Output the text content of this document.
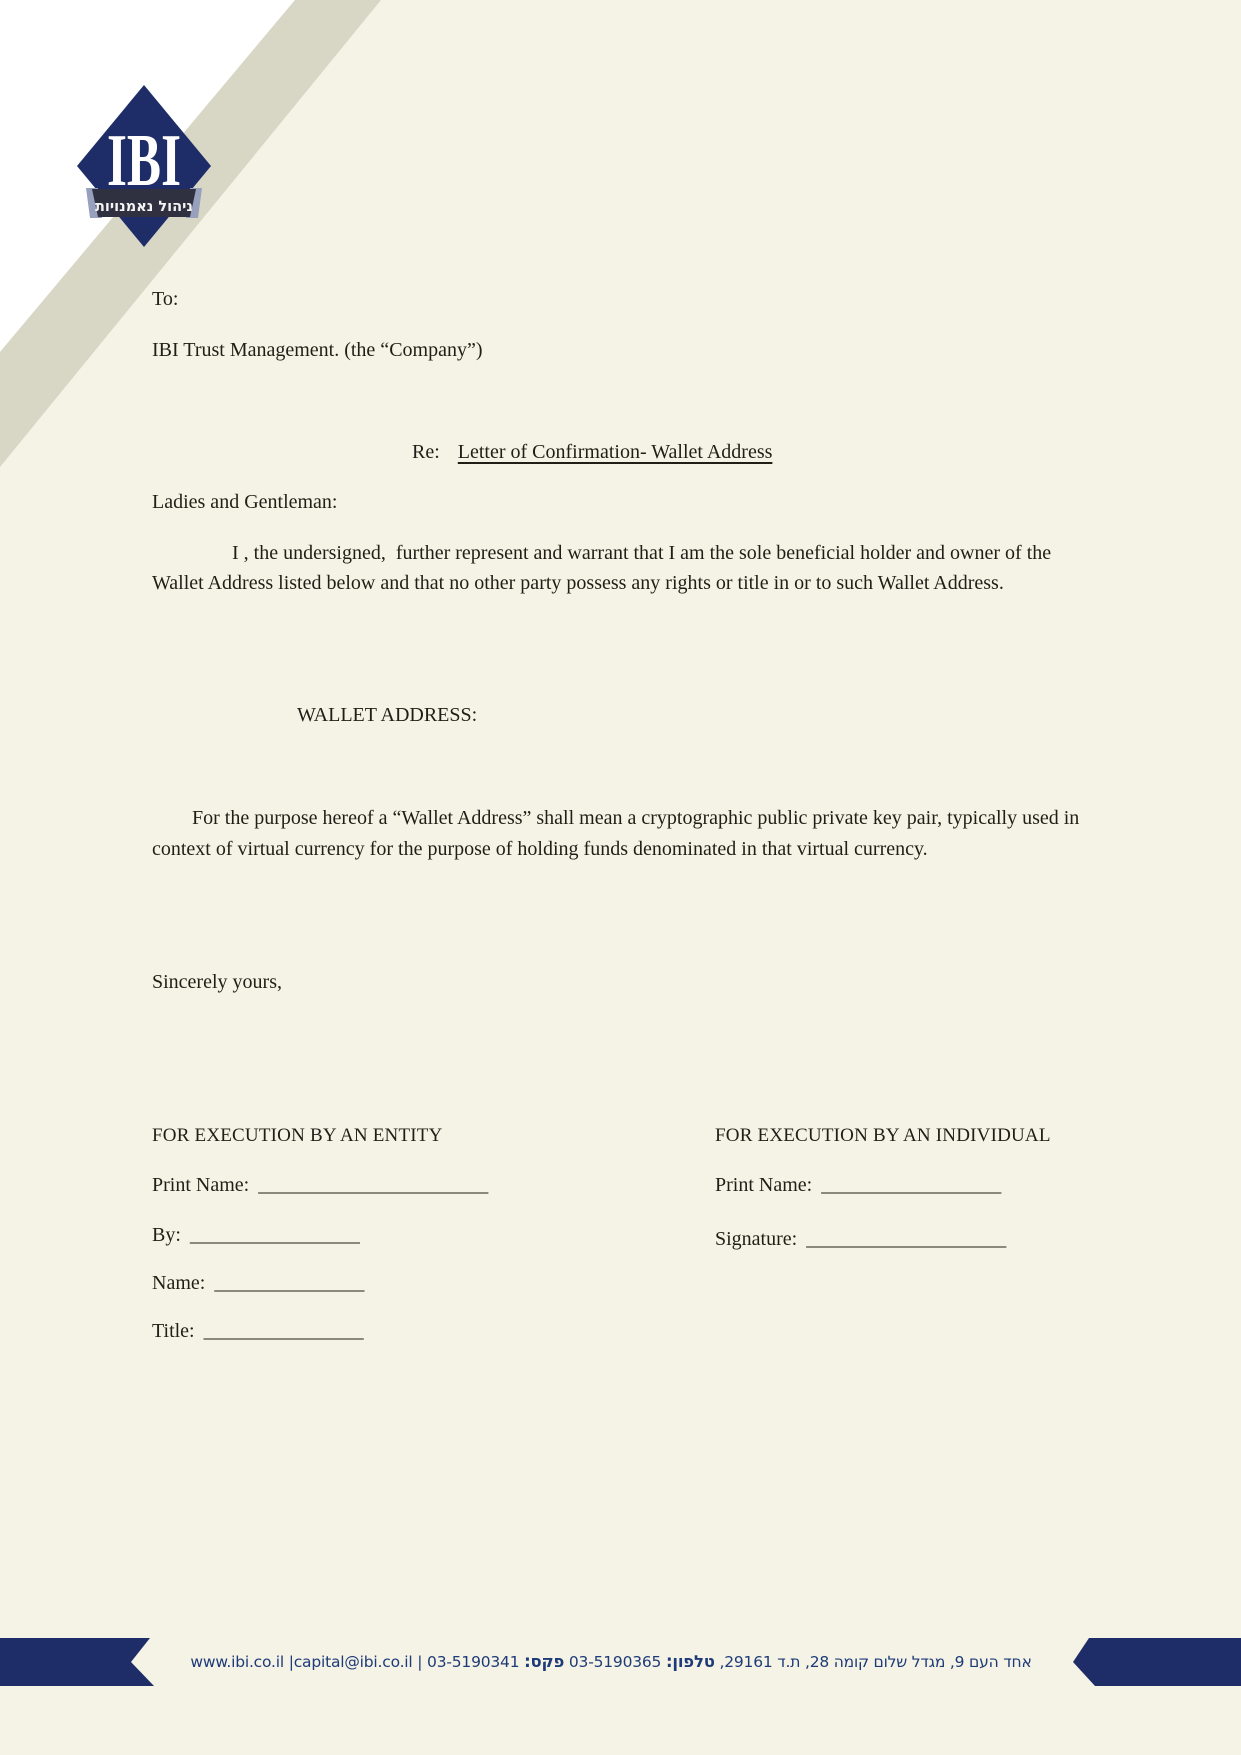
IBI
ניהול נאמנויות
To:
IBI Trust Management. (the “Company”)
Re: Letter of Confirmation- Wallet Address
Ladies and Gentleman:
I , the undersigned,  further represent and warrant that I am the sole beneficial holder and owner of the Wallet Address listed below and that no other party possess any rights or title in or to such Wallet Address.
WALLET ADDRESS:
For the purpose hereof a “Wallet Address” shall mean a cryptographic public private key pair, typically used in context of virtual currency for the purpose of holding funds denominated in that virtual currency.
Sincerely yours,
FOR EXECUTION BY AN ENTITY	FOR EXECUTION BY AN INDIVIDUAL
Print Name: _______________________	Print Name: __________________
By: _________________	Signature: ____________________
Name: _______________
Title: ________________
אחד העם 9, מגדל שלום קומה 28, ת.ד 29161, טלפון: 03-5190365 פקס: 03-5190341 | capital@ibi.co.il| www.ibi.co.il
